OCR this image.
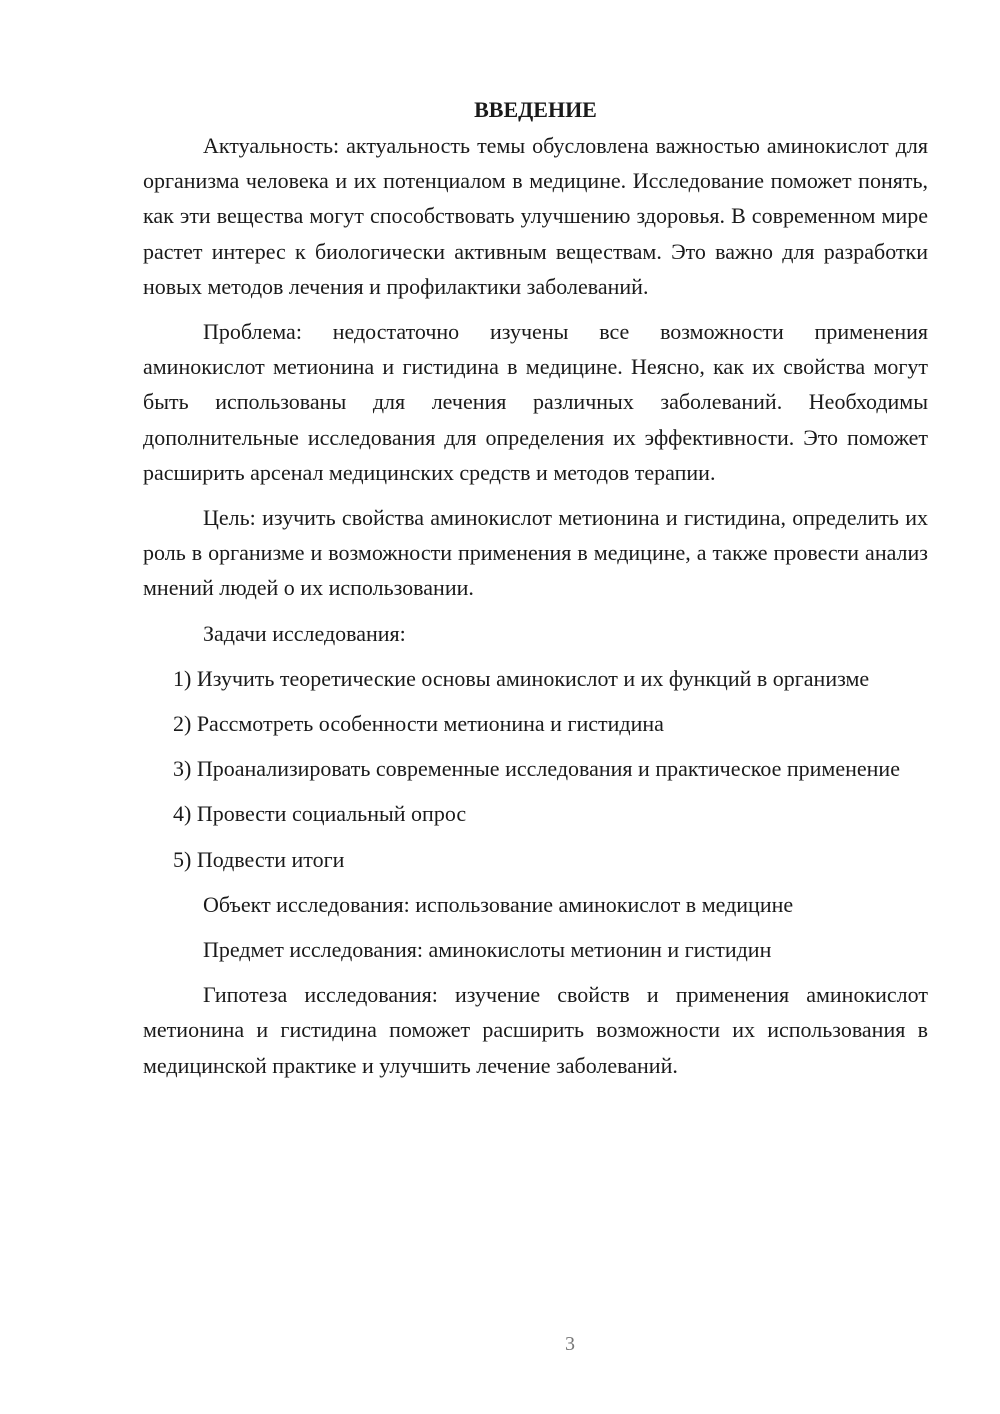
ВВЕДЕНИЕ

Актуальность: актуальность темы обусловлена важностью аминокислот для организма человека и их потенциалом в медицине. Исследование поможет понять, как эти вещества могут способствовать улучшению здоровья. В современном мире растет интерес к биологически активным веществам. Это важно для разработки новых методов лечения и профилактики заболеваний.

Проблема: недостаточно изучены все возможности применения аминокислот метионина и гистидина в медицине. Неясно, как их свойства могут быть использованы для лечения различных заболеваний. Необходимы дополнительные исследования для определения их эффективности. Это поможет расширить арсенал медицинских средств и методов терапии.

Цель: изучить свойства аминокислот метионина и гистидина, определить их роль в организме и возможности применения в медицине, а также провести анализ мнений людей о их использовании.

Задачи исследования:

1) Изучить теоретические основы аминокислот и их функций в организме

2) Рассмотреть особенности метионина и гистидина

3) Проанализировать современные исследования и практическое применение

4) Провести социальный опрос

5) Подвести итоги

Объект исследования: использование аминокислот в медицине

Предмет исследования: аминокислоты метионин и гистидин

Гипотеза исследования: изучение свойств и применения аминокислот метионина и гистидина поможет расширить возможности их использования в медицинской практике и улучшить лечение заболеваний.

3
